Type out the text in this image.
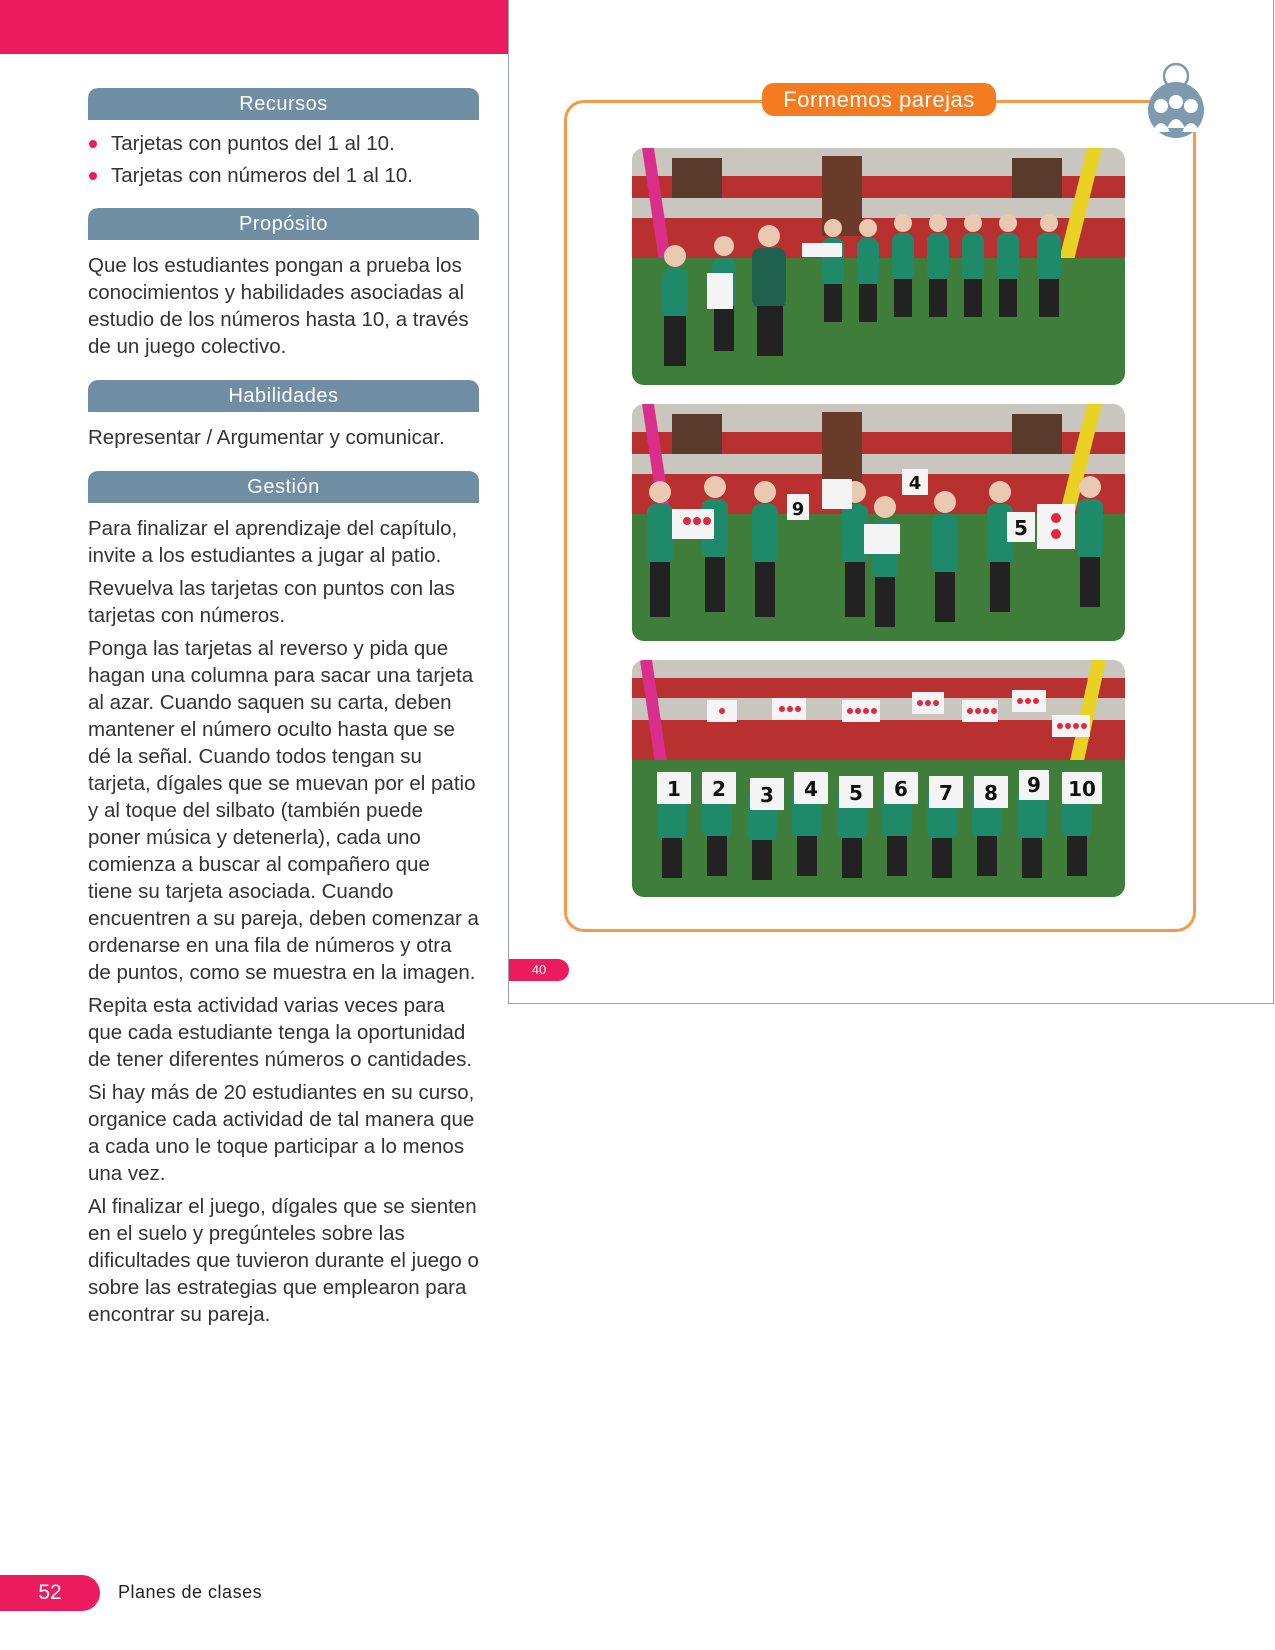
Recursos
Tarjetas con puntos del 1 al 10.
Tarjetas con números del 1 al 10.
Propósito

Que los estudiantes pongan a prueba los conocimientos y habilidades asociadas al estudio de los números hasta 10, a través de un juego colectivo.

Habilidades

Representar / Argumentar y comunicar.

Gestión

Para finalizar el aprendizaje del capítulo, invite a los estudiantes a jugar al patio.

Revuelva las tarjetas con puntos con las tarjetas con números.

Ponga las tarjetas al reverso y pida que hagan una columna para sacar una tarjeta al azar. Cuando saquen su carta, deben mantener el número oculto hasta que se dé la señal. Cuando todos tengan su tarjeta, dígales que se muevan por el patio y al toque del silbato (también puede poner música y detenerla), cada uno comienza a buscar al compañero que tiene su tarjeta asociada. Cuando encuentren a su pareja, deben comenzar a ordenarse en una fila de números y otra de puntos, como se muestra en la imagen.

Repita esta actividad varias veces para que cada estudiante tenga la oportunidad de tener diferentes números o cantidades.

Si hay más de 20 estudiantes en su curso, organice cada actividad de tal manera que a cada uno le toque participar a lo menos una vez.

Al finalizar el juego, dígales que se sienten en el suelo y pregúnteles sobre las dificultades que tuvieron durante el juego o sobre las estrategias que emplearon para encontrar su pareja.

Formemos parejas
9
4
5
1 2 3 4 5 6 7 8 9 10
40
52	Planes de clases
